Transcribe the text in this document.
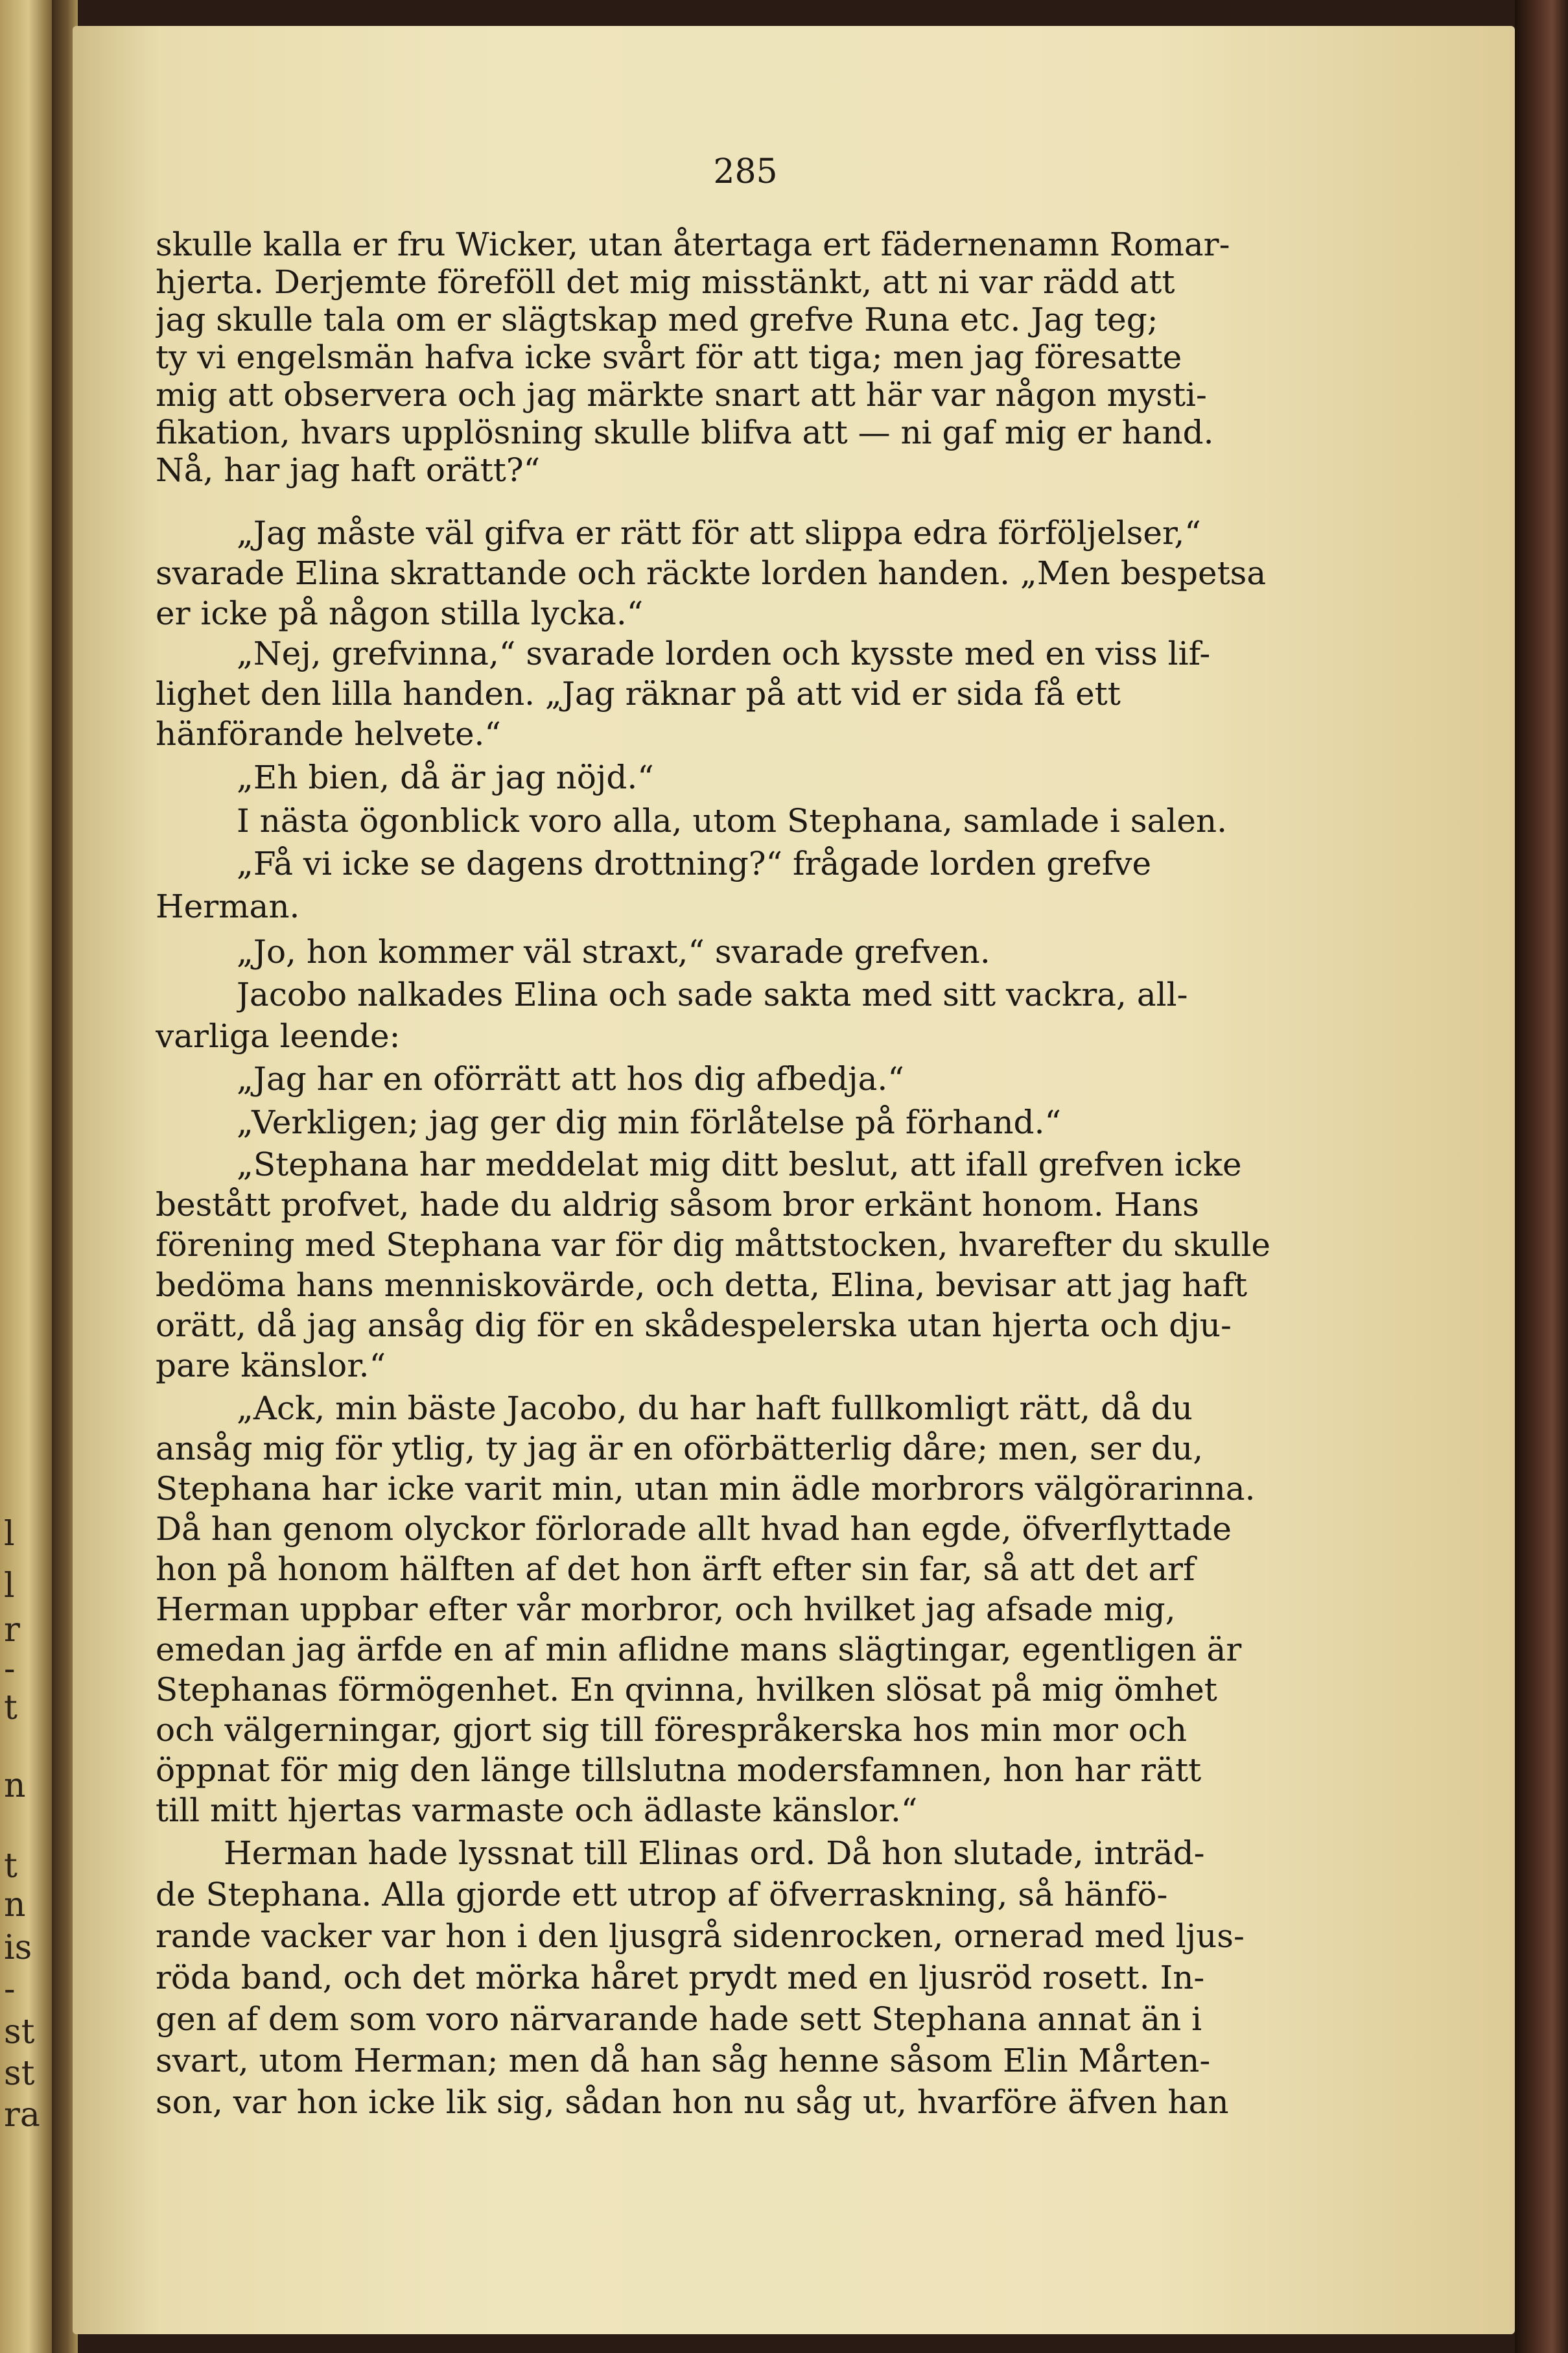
l
l
r
-
t
n
t
n
is
-
st
st
ra
285

skulle kalla er fru Wicker, utan återtaga ert fädernenamn Romar-

hjerta. Derjemte föreföll det mig misstänkt, att ni var rädd att

jag skulle tala om er slägtskap med grefve Runa etc. Jag teg;

ty vi engelsmän hafva icke svårt för att tiga; men jag föresatte

mig att observera och jag märkte snart att här var någon mysti-

fikation, hvars upplösning skulle blifva att — ni gaf mig er hand.

Nå, har jag haft orätt?“

„Jag måste väl gifva er rätt för att slippa edra förföljelser,“

svarade Elina skrattande och räckte lorden handen. „Men bespetsa

er icke på någon stilla lycka.“

„Nej, grefvinna,“ svarade lorden och kysste med en viss lif-

lighet den lilla handen. „Jag räknar på att vid er sida få ett

hänförande helvete.“

„Eh bien, då är jag nöjd.“

I nästa ögonblick voro alla, utom Stephana, samlade i salen.

„Få vi icke se dagens drottning?“ frågade lorden grefve

Herman.

„Jo, hon kommer väl straxt,“ svarade grefven.

Jacobo nalkades Elina och sade sakta med sitt vackra, all-

varliga leende:

„Jag har en oförrätt att hos dig afbedja.“

„Verkligen; jag ger dig min förlåtelse på förhand.“

„Stephana har meddelat mig ditt beslut, att ifall grefven icke

bestått profvet, hade du aldrig såsom bror erkänt honom. Hans

förening med Stephana var för dig måttstocken, hvarefter du skulle

bedöma hans menniskovärde, och detta, Elina, bevisar att jag haft

orätt, då jag ansåg dig för en skådespelerska utan hjerta och dju-

pare känslor.“

„Ack, min bäste Jacobo, du har haft fullkomligt rätt, då du

ansåg mig för ytlig, ty jag är en oförbätterlig dåre; men, ser du,

Stephana har icke varit min, utan min ädle morbrors välgörarinna.

Då han genom olyckor förlorade allt hvad han egde, öfverflyttade

hon på honom hälften af det hon ärft efter sin far, så att det arf

Herman uppbar efter vår morbror, och hvilket jag afsade mig,

emedan jag ärfde en af min aflidne mans slägtingar, egentligen är

Stephanas förmögenhet. En qvinna, hvilken slösat på mig ömhet

och välgerningar, gjort sig till förespråkerska hos min mor och

öppnat för mig den länge tillslutna modersfamnen, hon har rätt

till mitt hjertas varmaste och ädlaste känslor.“

Herman hade lyssnat till Elinas ord. Då hon slutade, inträd-

de Stephana. Alla gjorde ett utrop af öfverraskning, så hänfö-

rande vacker var hon i den ljusgrå sidenrocken, ornerad med ljus-

röda band, och det mörka håret prydt med en ljusröd rosett. In-

gen af dem som voro närvarande hade sett Stephana annat än i

svart, utom Herman; men då han såg henne såsom Elin Mårten-

son, var hon icke lik sig, sådan hon nu såg ut, hvarföre äfven han
